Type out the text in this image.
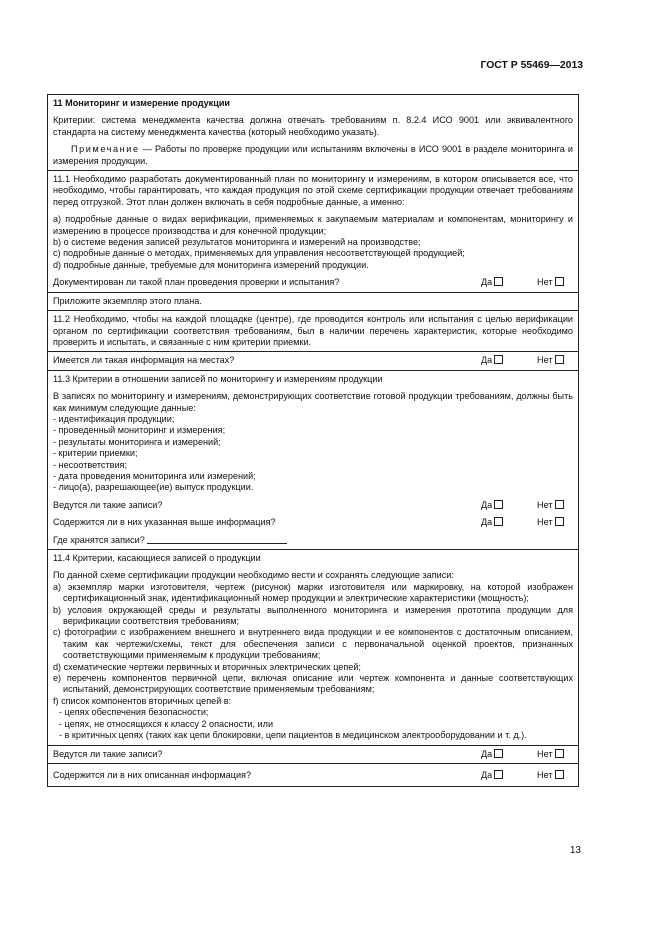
ГОСТ Р 55469—2013

11 Мониторинг и измерение продукции

Критерии: система менеджмента качества должна отвечать требованиям п. 8.2.4 ИСО 9001 или эквивалентного стандарта на систему менеджмента качества (который необходимо указать).

Примечание — Работы по проверке продукции или испытаниям включены в ИСО 9001 в разделе мониторинга и измерения продукции.

11.1 Необходимо разработать документированный план по мониторингу и измерениям, в котором описывается все, что необходимо, чтобы гарантировать, что каждая продукция по этой схеме сертификации продукции отвечает требованиям перед отгрузкой. Этот план должен включать в себя подробные данные, а именно:

a) подробные данные о видах верификации, применяемых к закупаемым материалам и компонентам, мониторингу и измерению в процессе производства и для конечной продукции;

b) о системе ведения записей результатов мониторинга и измерений на производстве;

c) подробные данные о методах, применяемых для управления несоответствующей продукцией;

d) подробные данные, требуемые для мониторинга измерений продукции.

Документирован ли такой план проведения проверки и испытания?	Да	Нет

Приложите экземпляр этого плана.

11.2 Необходимо, чтобы на каждой площадке (центре), где проводится контроль или испытания с целью верификации органом по сертификации соответствия требованиям, был в наличии перечень характеристик, которые необходимо проверить и испытать, и связанные с ним критерии приемки.

Имеется ли такая информация на местах?	Да	Нет

11.3 Критерии в отношении записей по мониторингу и измерениям продукции

В записях по мониторингу и измерениям, демонстрирующих соответствие готовой продукции требованиям, должны быть как минимум следующие данные:

- идентификация продукции;

- проведенный мониторинг и измерения;

- результаты мониторинга и измерений;

- критерии приемки;

- несоответствия;

- дата проведения мониторинга или измерений;

- лицо(а), разрешающее(ие) выпуск продукции.

Ведутся ли такие записи?	Да	Нет
Содержится ли в них указанная выше информация?	Да	Нет

Где хранятся записи?

11.4 Критерии, касающиеся записей о продукции

По данной схеме сертификации продукции необходимо вести и сохранять следующие записи:

a) экземпляр марки изготовителя, чертеж (рисунок) марки изготовителя или маркировку, на которой изображен сертификационный знак, идентификационный номер продукции и электрические характеристики (мощность);

b) условия окружающей среды и результаты выполненного мониторинга и измерения прототипа продукции для верификации соответствия требованиям;

c) фотографии с изображением внешнего и внутреннего вида продукции и ее компонентов с достаточным описанием, таким как чертежи/схемы, текст для обеспечения записи с первоначальной оценкой проектов, признанных соответствующими применяемым к продукции требованиям;

d) схематические чертежи первичных и вторичных электрических цепей;

e) перечень компонентов первичной цепи, включая описание или чертеж компонента и данные соответствующих испытаний, демонстрирующих соответствие применяемым требованиям;

f) список компонентов вторичных цепей в:

- цепях обеспечения безопасности;

- цепях, не относящихся к классу 2 опасности, или

- в критичных цепях (таких как цепи блокировки, цепи пациентов в медицинском электрооборудовании и т. д.).

Ведутся ли такие записи?	Да	Нет
Содержится ли в них описанная информация?	Да	Нет
13
